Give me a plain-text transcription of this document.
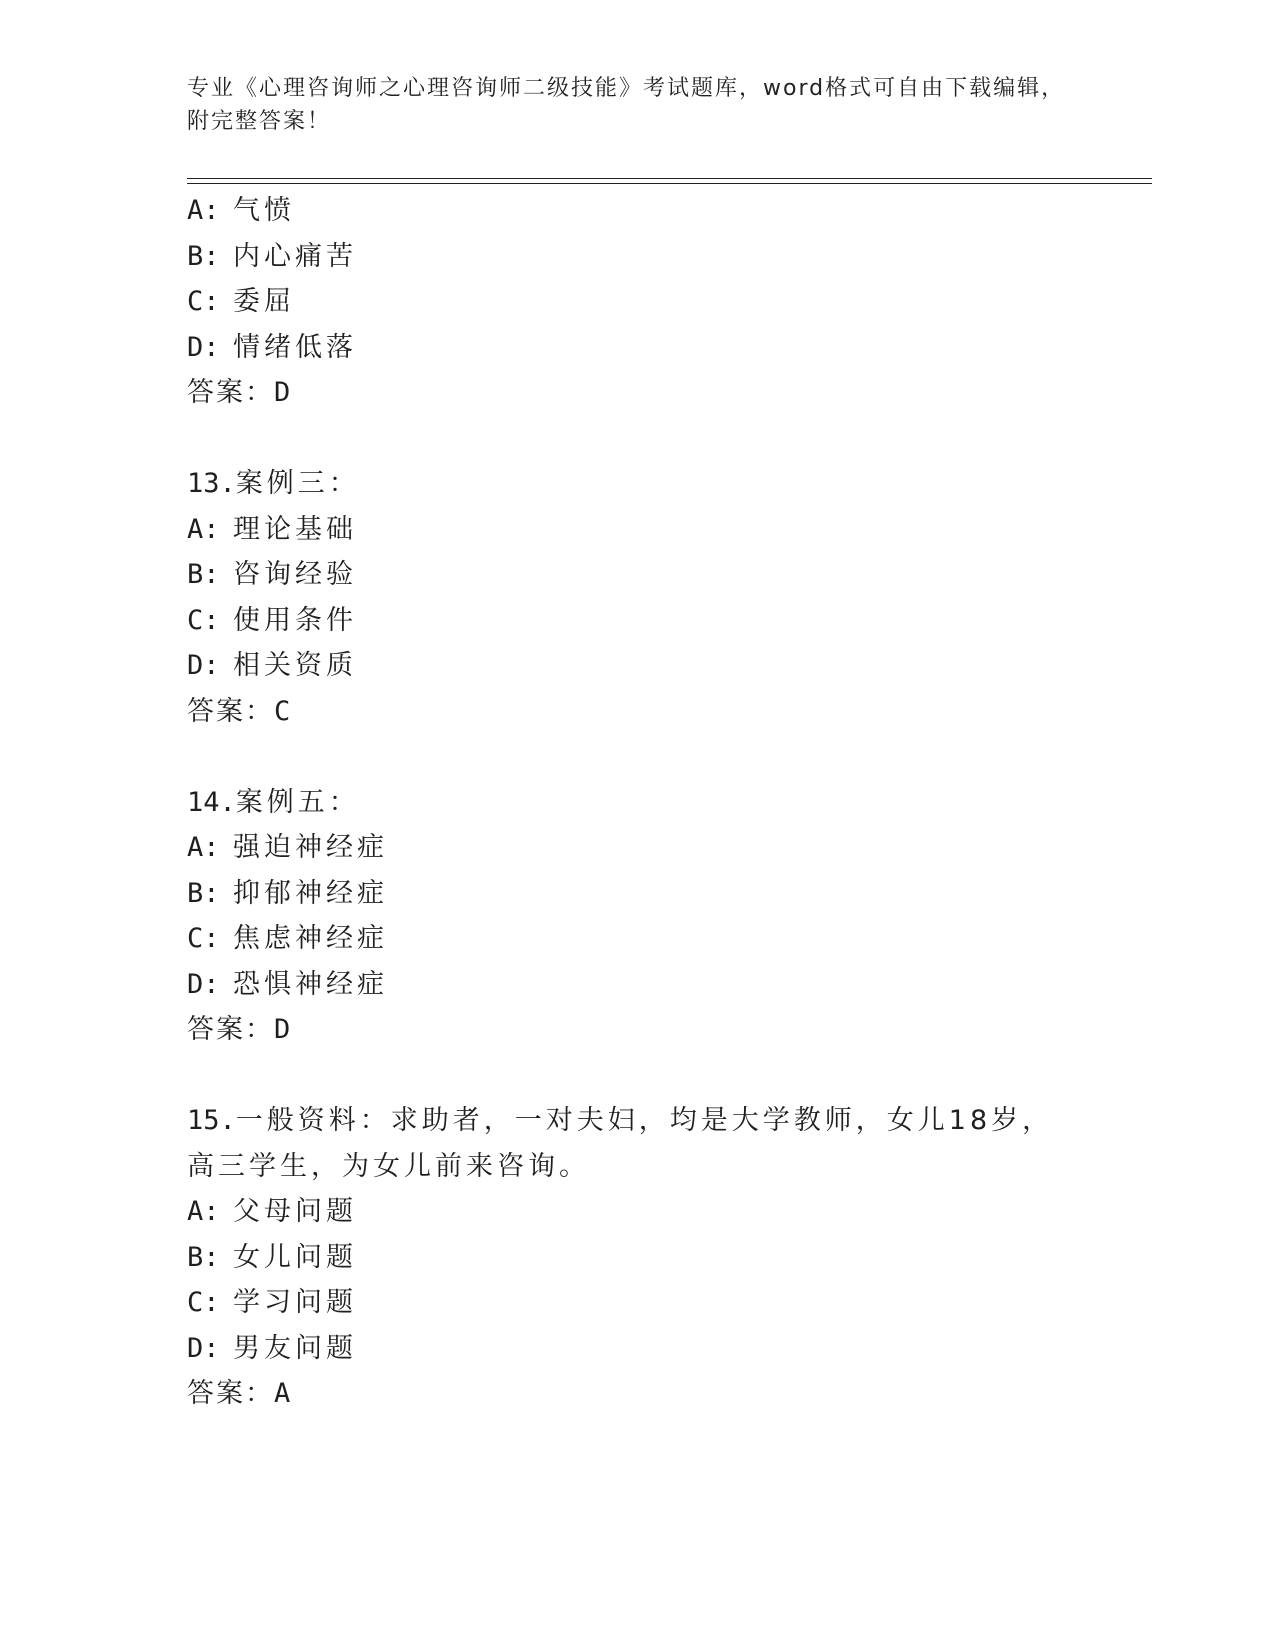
专业《心理咨询师之心理咨询师二级技能》考试题库，word格式可自由下载编辑，附完整答案！
A: 气愤
B: 内心痛苦
C: 委屈
D: 情绪低落
答案：D
13.案例三：
A: 理论基础
B: 咨询经验
C: 使用条件
D: 相关资质
答案：C
14.案例五：
A: 强迫神经症
B: 抑郁神经症
C: 焦虑神经症
D: 恐惧神经症
答案：D
15.一般资料：求助者，一对夫妇，均是大学教师，女儿18岁，高三学生，为女儿前来咨询。
A: 父母问题
B: 女儿问题
C: 学习问题
D: 男友问题
答案：A
